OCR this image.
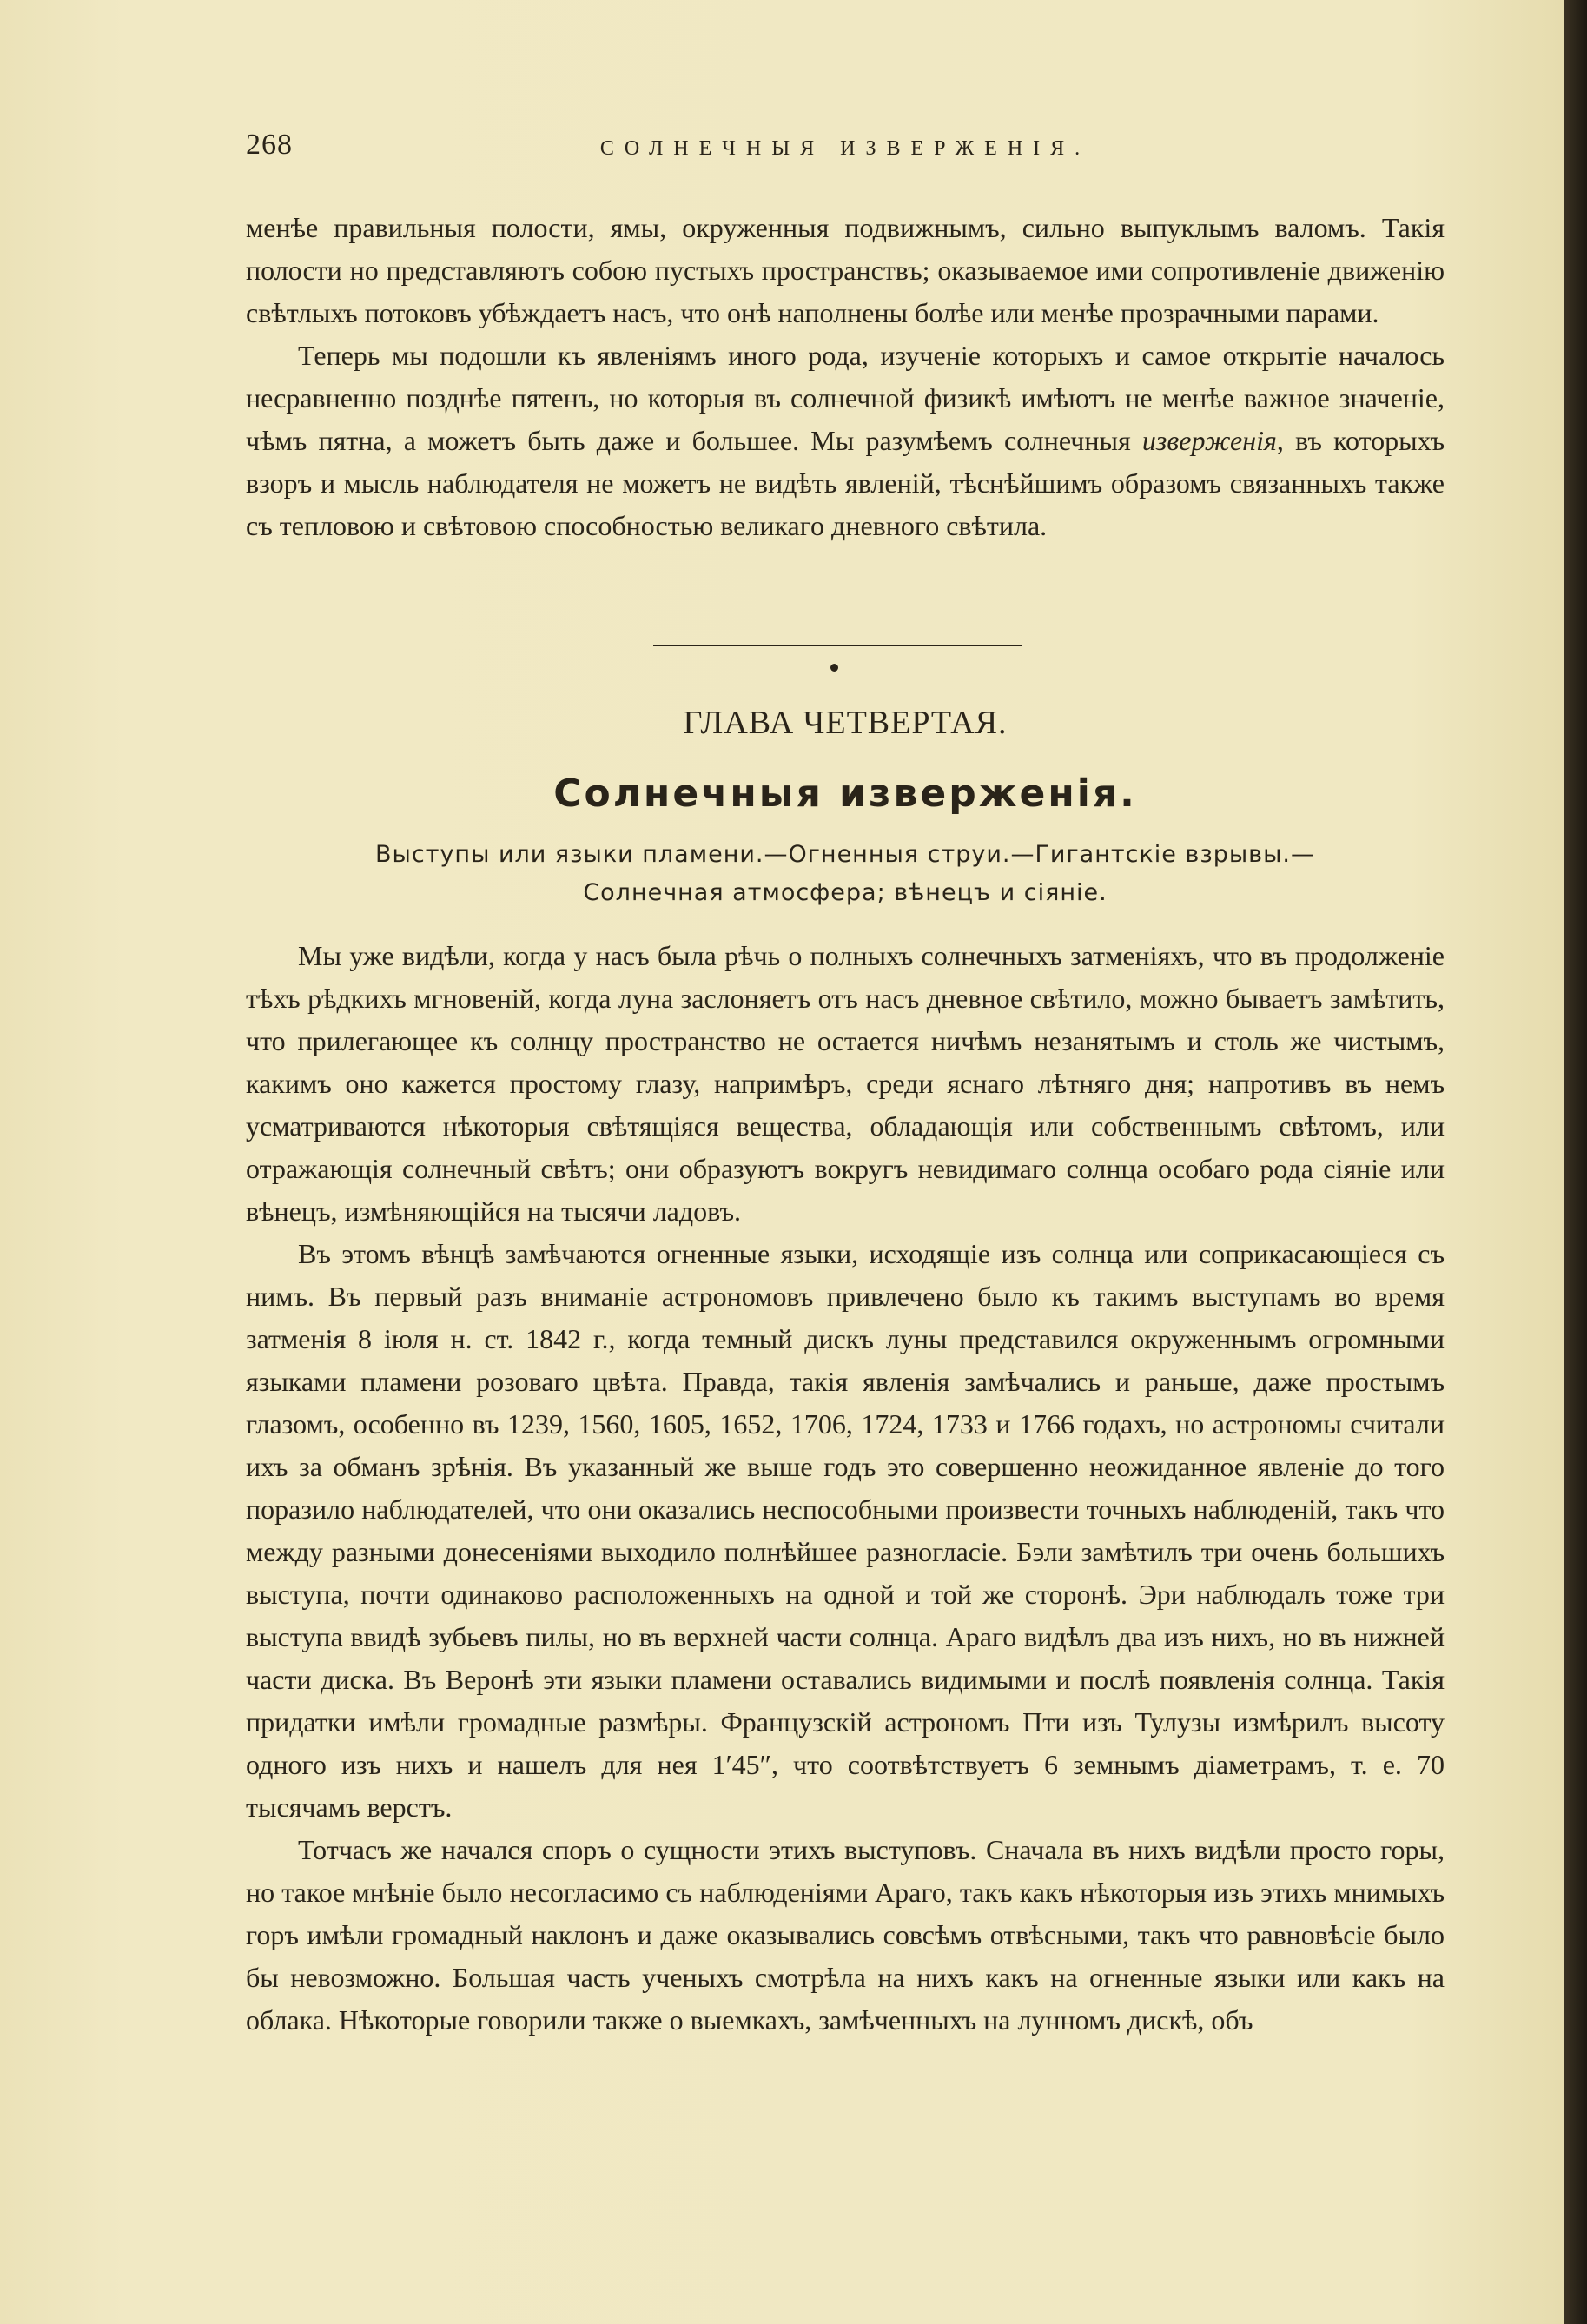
268	СОЛНЕЧНЫЯ ИЗВЕРЖЕНІЯ.

менѣе правильныя полости, ямы, окруженныя подвижнымъ, сильно выпуклымъ валомъ. Такія полости но представляютъ собою пустыхъ пространствъ; оказываемое ими сопротивленіе движенію свѣтлыхъ потоковъ убѣждаетъ насъ, что онѣ наполнены болѣе или менѣе прозрачными парами.

Теперь мы подошли къ явленіямъ иного рода, изученіе которыхъ и самое открытіе началось несравненно позднѣе пятенъ, но которыя въ солнечной физикѣ имѣютъ не менѣе важное значеніе, чѣмъ пятна, а можетъ быть даже и большее. Мы разумѣемъ солнечныя изверженія, въ которыхъ взоръ и мысль наблюдателя не можетъ не видѣть явленій, тѣснѣйшимъ образомъ связанныхъ также съ тепловою и свѣтовою способностью великаго дневного свѣтила.

ГЛАВА ЧЕТВЕРТАЯ.
Солнечныя изверженія.
Выступы или языки пламени.—Огненныя струи.—Гигантскіе взрывы.—
Солнечная атмосфера; вѣнецъ и сіяніе.

Мы уже видѣли, когда у насъ была рѣчь о полныхъ солнечныхъ затменіяхъ, что въ продолженіе тѣхъ рѣдкихъ мгновеній, когда луна заслоняетъ отъ насъ дневное свѣтило, можно бываетъ замѣтить, что прилегающее къ солнцу пространство не остается ничѣмъ незанятымъ и столь же чистымъ, какимъ оно кажется простому глазу, напримѣръ, среди яснаго лѣтняго дня; напротивъ въ немъ усматриваются нѣкоторыя свѣтящіяся вещества, обладающія или собственнымъ свѣтомъ, или отражающія солнечный свѣтъ; они образуютъ вокругъ невидимаго солнца особаго рода сіяніе или вѣнецъ, измѣняющійся на тысячи ладовъ.

Въ этомъ вѣнцѣ замѣчаются огненные языки, исходящіе изъ солнца или соприкасающіеся съ нимъ. Въ первый разъ вниманіе астрономовъ привлечено было къ такимъ выступамъ во время затменія 8 іюля н. ст. 1842 г., когда темный дискъ луны представился окруженнымъ огромными языками пламени розоваго цвѣта. Правда, такія явленія замѣчались и раньше, даже простымъ глазомъ, особенно въ 1239, 1560, 1605, 1652, 1706, 1724, 1733 и 1766 годахъ, но астрономы считали ихъ за обманъ зрѣнія. Въ указанный же выше годъ это совершенно неожиданное явленіе до того поразило наблюдателей, что они оказались неспособными произвести точныхъ наблюденій, такъ что между разными донесеніями выходило полнѣйшее разногласіе. Бэли замѣтилъ три очень большихъ выступа, почти одинаково расположенныхъ на одной и той же сторонѣ. Эри наблюдалъ тоже три выступа ввидѣ зубьевъ пилы, но въ верхней части солнца. Араго видѣлъ два изъ нихъ, но въ нижней части диска. Въ Веронѣ эти языки пламени оставались видимыми и послѣ появленія солнца. Такія придатки имѣли громадные размѣры. Французскій астрономъ Пти изъ Тулузы измѣрилъ высоту одного изъ нихъ и нашелъ для нея 1′45″, что соотвѣтствуетъ 6 земнымъ діаметрамъ, т. е. 70 тысячамъ верстъ.

Тотчасъ же начался споръ о сущности этихъ выступовъ. Сначала въ нихъ видѣли просто горы, но такое мнѣніе было несогласимо съ наблюденіями Араго, такъ какъ нѣкоторыя изъ этихъ мнимыхъ горъ имѣли громадный наклонъ и даже оказывались совсѣмъ отвѣсными, такъ что равновѣсіе было бы невозможно. Большая часть ученыхъ смотрѣла на нихъ какъ на огненные языки или какъ на облака. Нѣкоторые говорили также о выемкахъ, замѣченныхъ на лунномъ дискѣ, объ
